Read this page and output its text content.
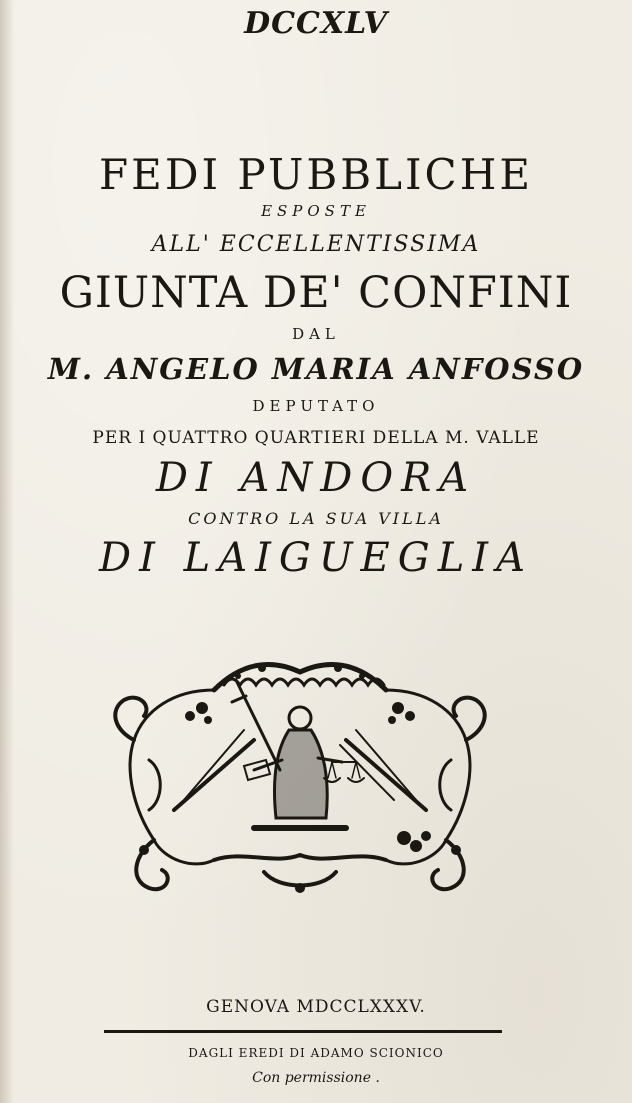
DCCXLV
FEDI PUBBLICHE
ESPOSTE
ALL' ECCELLENTISSIMA
GIUNTA DE' CONFINI
DAL
M. ANGELO MARIA ANFOSSO
DEPUTATO
PER I QUATTRO QUARTIERI DELLA M. VALLE
DI ANDORA
CONTRO LA SUA VILLA
DI LAIGUEGLIA
GENOVA MDCCLXXXV.
DAGLI EREDI DI ADAMO SCIONICO
Con permissione .
